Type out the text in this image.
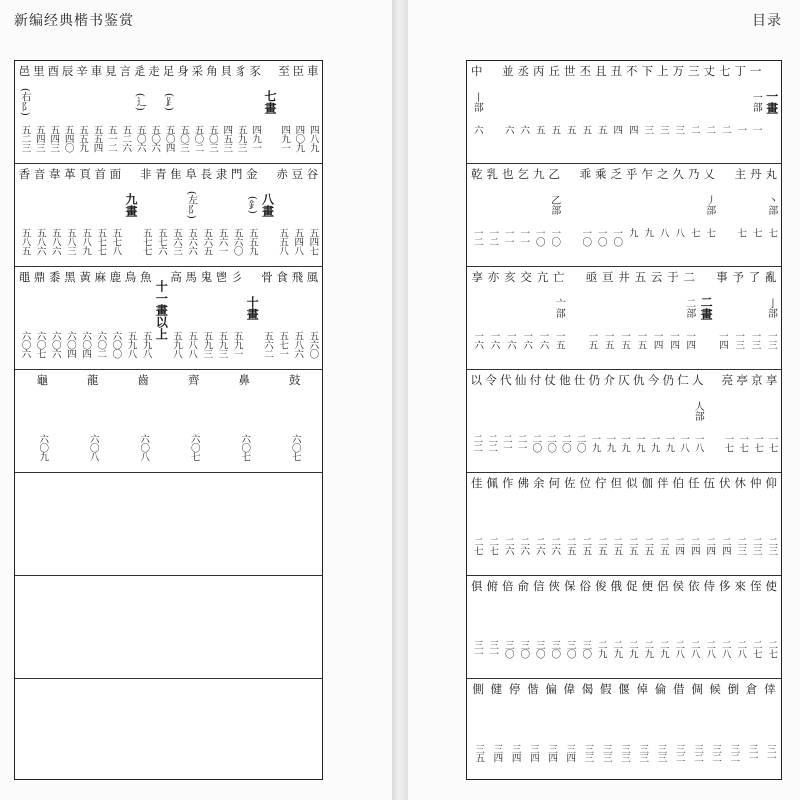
新编经典楷书鉴赏
車
四八九
臣
四〇九
至
四九一
七畫
豕
四九一
豸
五九三
貝
四五三
角
五〇三
采
五〇二
身
五〇三
足
(⻊)
五〇四
走
五〇六
辵
(⻌)
五〇六
言
五二六
見
五一二
車
五五四
辛
五五九
辰
五四〇
酉
五四三
里
五四三
邑
(右阝)
五二三
谷
五四七
豆
五四八
赤
五五八
八畫
金
(釒)
五五九
門
五六〇
隶
五六一
長
五六五
阜
(左阝)
五六六
隹
五六三
青
五七六
非
五七七
九畫
面
五七八
首
五七七
頁
五八九
革
五八三
韋
五八六
音
五八六
香
五八五
風
五六〇
飛
五八六
食
五七一
骨
五六二
十畫
彡
五九一
鬯
五九三
鬼
五九三
馬
五八八
高
五九八
十一畫以上
魚
五九八
鳥
五九八
鹿
六〇〇
麻
六〇二
黃
六〇四
黑
六〇四
黍
六〇六
鼎
六〇七
黽
六〇六
鼓
六〇七
鼻
六〇七
齊
六〇七
齒
六〇八
龍
六〇八
龜
六〇九
目录
一畫
一
一部
一
丁
一
七
二
丈
二
三
二
万
三
上
三
下
三
不
四
丑
四
且
五
丕
五
世
五
丘
五
丙
五
丞
六
並
六
中
丨部
六
丸
丶部
七
丹
七
主
七
乂
丿部
七
乃
七
久
八
之
八
乍
九
乎
九
乏
一〇
乘
一〇
乖
一〇
乙
乙部
一〇
九
一〇
乞
一一
也
一一
乳
一二
乾
一二
亂
亅部
一三
了
一三
予
一三
事
一四
二畫
二
二部
一四
于
一四
云
一四
五
一五
井
一五
亘
一五
亟
一五
亡
亠部
一五
亢
一六
交
一六
亥
一六
亦
一六
享
一六
享
一七
京
一七
亭
一七
亮
一七
人
人部
一八
仁
一八
仍
一九
今
一九
仇
一九
仄
一九
介
一九
仍
一九
仕
二〇
他
二〇
仗
二〇
付
二〇
仙
二一
代
二一
令
二二
以
二二
仰
二三
仲
二三
休
二三
伏
二四
伍
二四
任
二四
伯
二四
伴
二五
伽
二五
似
二五
但
二五
佇
二五
位
二五
佐
二五
何
二六
余
二六
佛
二六
作
二六
佩
二七
佳
二七
使
二七
侄
二七
來
二八
侈
二八
侍
二八
依
二八
侯
二八
侶
二九
便
二九
促
二九
俄
二九
俊
二九
俗
三〇
保
三〇
俠
三〇
信
三〇
俞
三〇
倍
三〇
俯
三一
俱
三一
倖
三一
倉
三一
倒
三二
候
三二
倜
三二
借
三二
倫
三三
倬
三三
偃
三三
假
三三
偈
三三
偉
三四
偏
三四
偕
三四
停
三四
健
三四
側
三五
